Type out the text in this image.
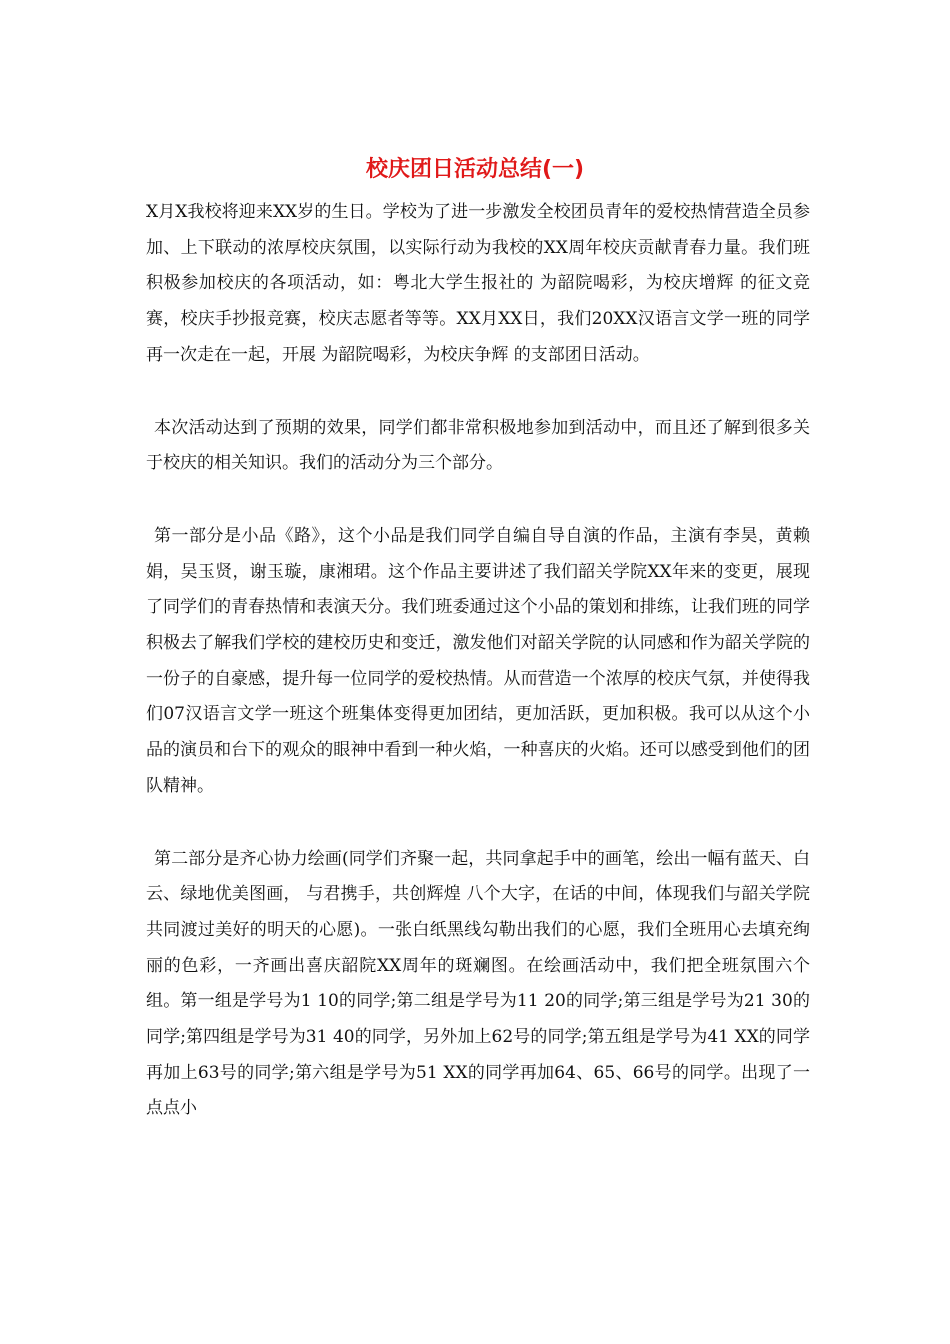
校庆团日活动总结(一)

X月X我校将迎来XX岁的生日。学校为了进一步激发全校团员青年的爱校热情营造全员参加、上下联动的浓厚校庆氛围，以实际行动为我校的XX周年校庆贡献青春力量。我们班积极参加校庆的各项活动，如：粤北大学生报社的 为韶院喝彩，为校庆增辉 的征文竞赛，校庆手抄报竞赛，校庆志愿者等等。XX月XX日，我们20XX汉语言文学一班的同学再一次走在一起，开展 为韶院喝彩，为校庆争辉 的支部团日活动。

本次活动达到了预期的效果，同学们都非常积极地参加到活动中，而且还了解到很多关于校庆的相关知识。我们的活动分为三个部分。

第一部分是小品《路》，这个小品是我们同学自编自导自演的作品，主演有李昊，黄赖娟，吴玉贤，谢玉璇，康湘珺。这个作品主要讲述了我们韶关学院XX年来的变更，展现了同学们的青春热情和表演天分。我们班委通过这个小品的策划和排练，让我们班的同学积极去了解我们学校的建校历史和变迁，激发他们对韶关学院的认同感和作为韶关学院的一份子的自豪感，提升每一位同学的爱校热情。从而营造一个浓厚的校庆气氛，并使得我们07汉语言文学一班这个班集体变得更加团结，更加活跃，更加积极。我可以从这个小品的演员和台下的观众的眼神中看到一种火焰，一种喜庆的火焰。还可以感受到他们的团队精神。

第二部分是齐心协力绘画(同学们齐聚一起，共同拿起手中的画笔，绘出一幅有蓝天、白云、绿地优美图画， 与君携手，共创辉煌 八个大字，在话的中间，体现我们与韶关学院共同渡过美好的明天的心愿)。一张白纸黑线勾勒出我们的心愿，我们全班用心去填充绚丽的色彩，一齐画出喜庆韶院XX周年的斑斓图。在绘画活动中，我们把全班氛围六个组。第一组是学号为1 10的同学;第二组是学号为11 20的同学;第三组是学号为21 30的同学;第四组是学号为31 40的同学，另外加上62号的同学;第五组是学号为41 XX的同学再加上63号的同学;第六组是学号为51 XX的同学再加64、65、66号的同学。出现了一点点小
